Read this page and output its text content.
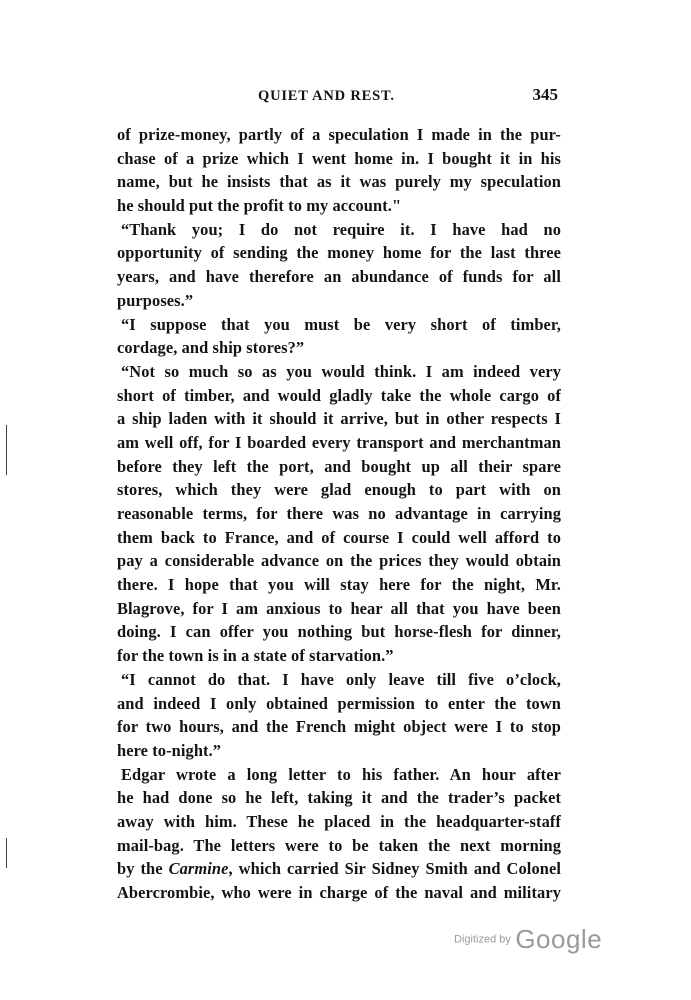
QUIET AND REST.	345
of prize-money, partly of a speculation I made in the pur-
chase of a prize which I went home in. I bought it in his
name, but he insists that as it was purely my speculation
he should put the profit to my account."
“Thank you; I do not require it. I have had no
opportunity of sending the money home for the last three
years, and have therefore an abundance of funds for all
purposes.”
“I suppose that you must be very short of timber,
cordage, and ship stores?”
“Not so much so as you would think. I am indeed very
short of timber, and would gladly take the whole cargo of
a ship laden with it should it arrive, but in other respects I
am well off, for I boarded every transport and merchantman
before they left the port, and bought up all their spare
stores, which they were glad enough to part with on
reasonable terms, for there was no advantage in carrying
them back to France, and of course I could well afford to
pay a considerable advance on the prices they would obtain
there. I hope that you will stay here for the night, Mr.
Blagrove, for I am anxious to hear all that you have been
doing. I can offer you nothing but horse-flesh for dinner,
for the town is in a state of starvation.”
“I cannot do that. I have only leave till five o’clock,
and indeed I only obtained permission to enter the town
for two hours, and the French might object were I to stop
here to-night.”
Edgar wrote a long letter to his father. An hour after
he had done so he left, taking it and the trader’s packet
away with him. These he placed in the headquarter-staff
mail-bag. The letters were to be taken the next morning
by the Carmine, which carried Sir Sidney Smith and Colonel
Abercrombie, who were in charge of the naval and military
Digitized by Google
